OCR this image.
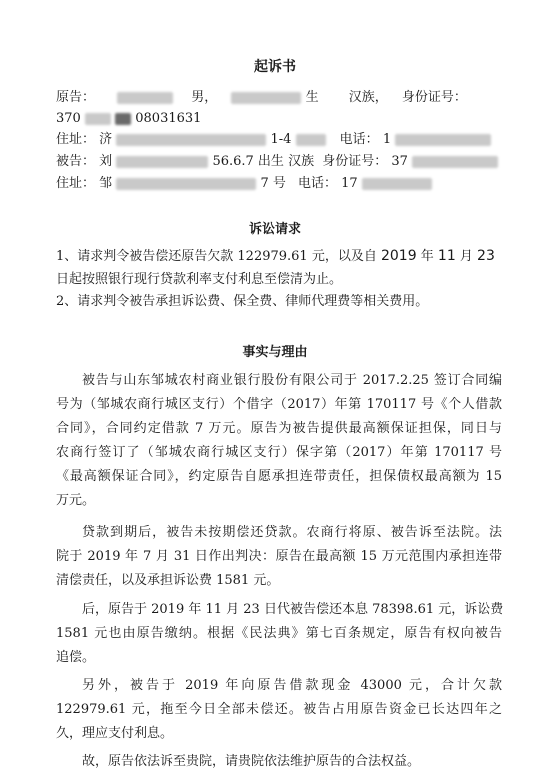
起诉书
原告：	男，	生 汉族， 身份证号：
370	08031631
住址： 济	1-4	电话： 1
被告： 刘	56.6.7 出生 汉族 身份证号： 37
住址： 邹	7 号 电话： 17
诉讼请求
1、请求判令被告偿还原告欠款 122979.61 元，以及自 2019 年 11 月 23
日起按照银行现行贷款利率支付利息至偿清为止。
2、请求判令被告承担诉讼费、保全费、律师代理费等相关费用。
事实与理由
被告与山东邹城农村商业银行股份有限公司于 2017.2.25 签订合同编
号为（邹城农商行城区支行）个借字（2017）年第 170117 号《个人借款
合同》，合同约定借款 7 万元。原告为被告提供最高额保证担保，同日与
农商行签订了（邹城农商行城区支行）保字第（2017）年第 170117 号
《最高额保证合同》，约定原告自愿承担连带责任，担保债权最高额为 15
万元。
贷款到期后，被告未按期偿还贷款。农商行将原、被告诉至法院。法
院于 2019 年 7 月 31 日作出判决：原告在最高额 15 万元范围内承担连带
清偿责任，以及承担诉讼费 1581 元。
后，原告于 2019 年 11 月 23 日代被告偿还本息 78398.61 元，诉讼费
1581 元也由原告缴纳。根据《民法典》第七百条规定，原告有权向被告
追偿。
另外，被告于 2019 年向原告借款现金 43000 元，合计欠款
122979.61 元，拖至今日全部未偿还。被告占用原告资金已长达四年之
久，理应支付利息。
故，原告依法诉至贵院，请贵院依法维护原告的合法权益。
